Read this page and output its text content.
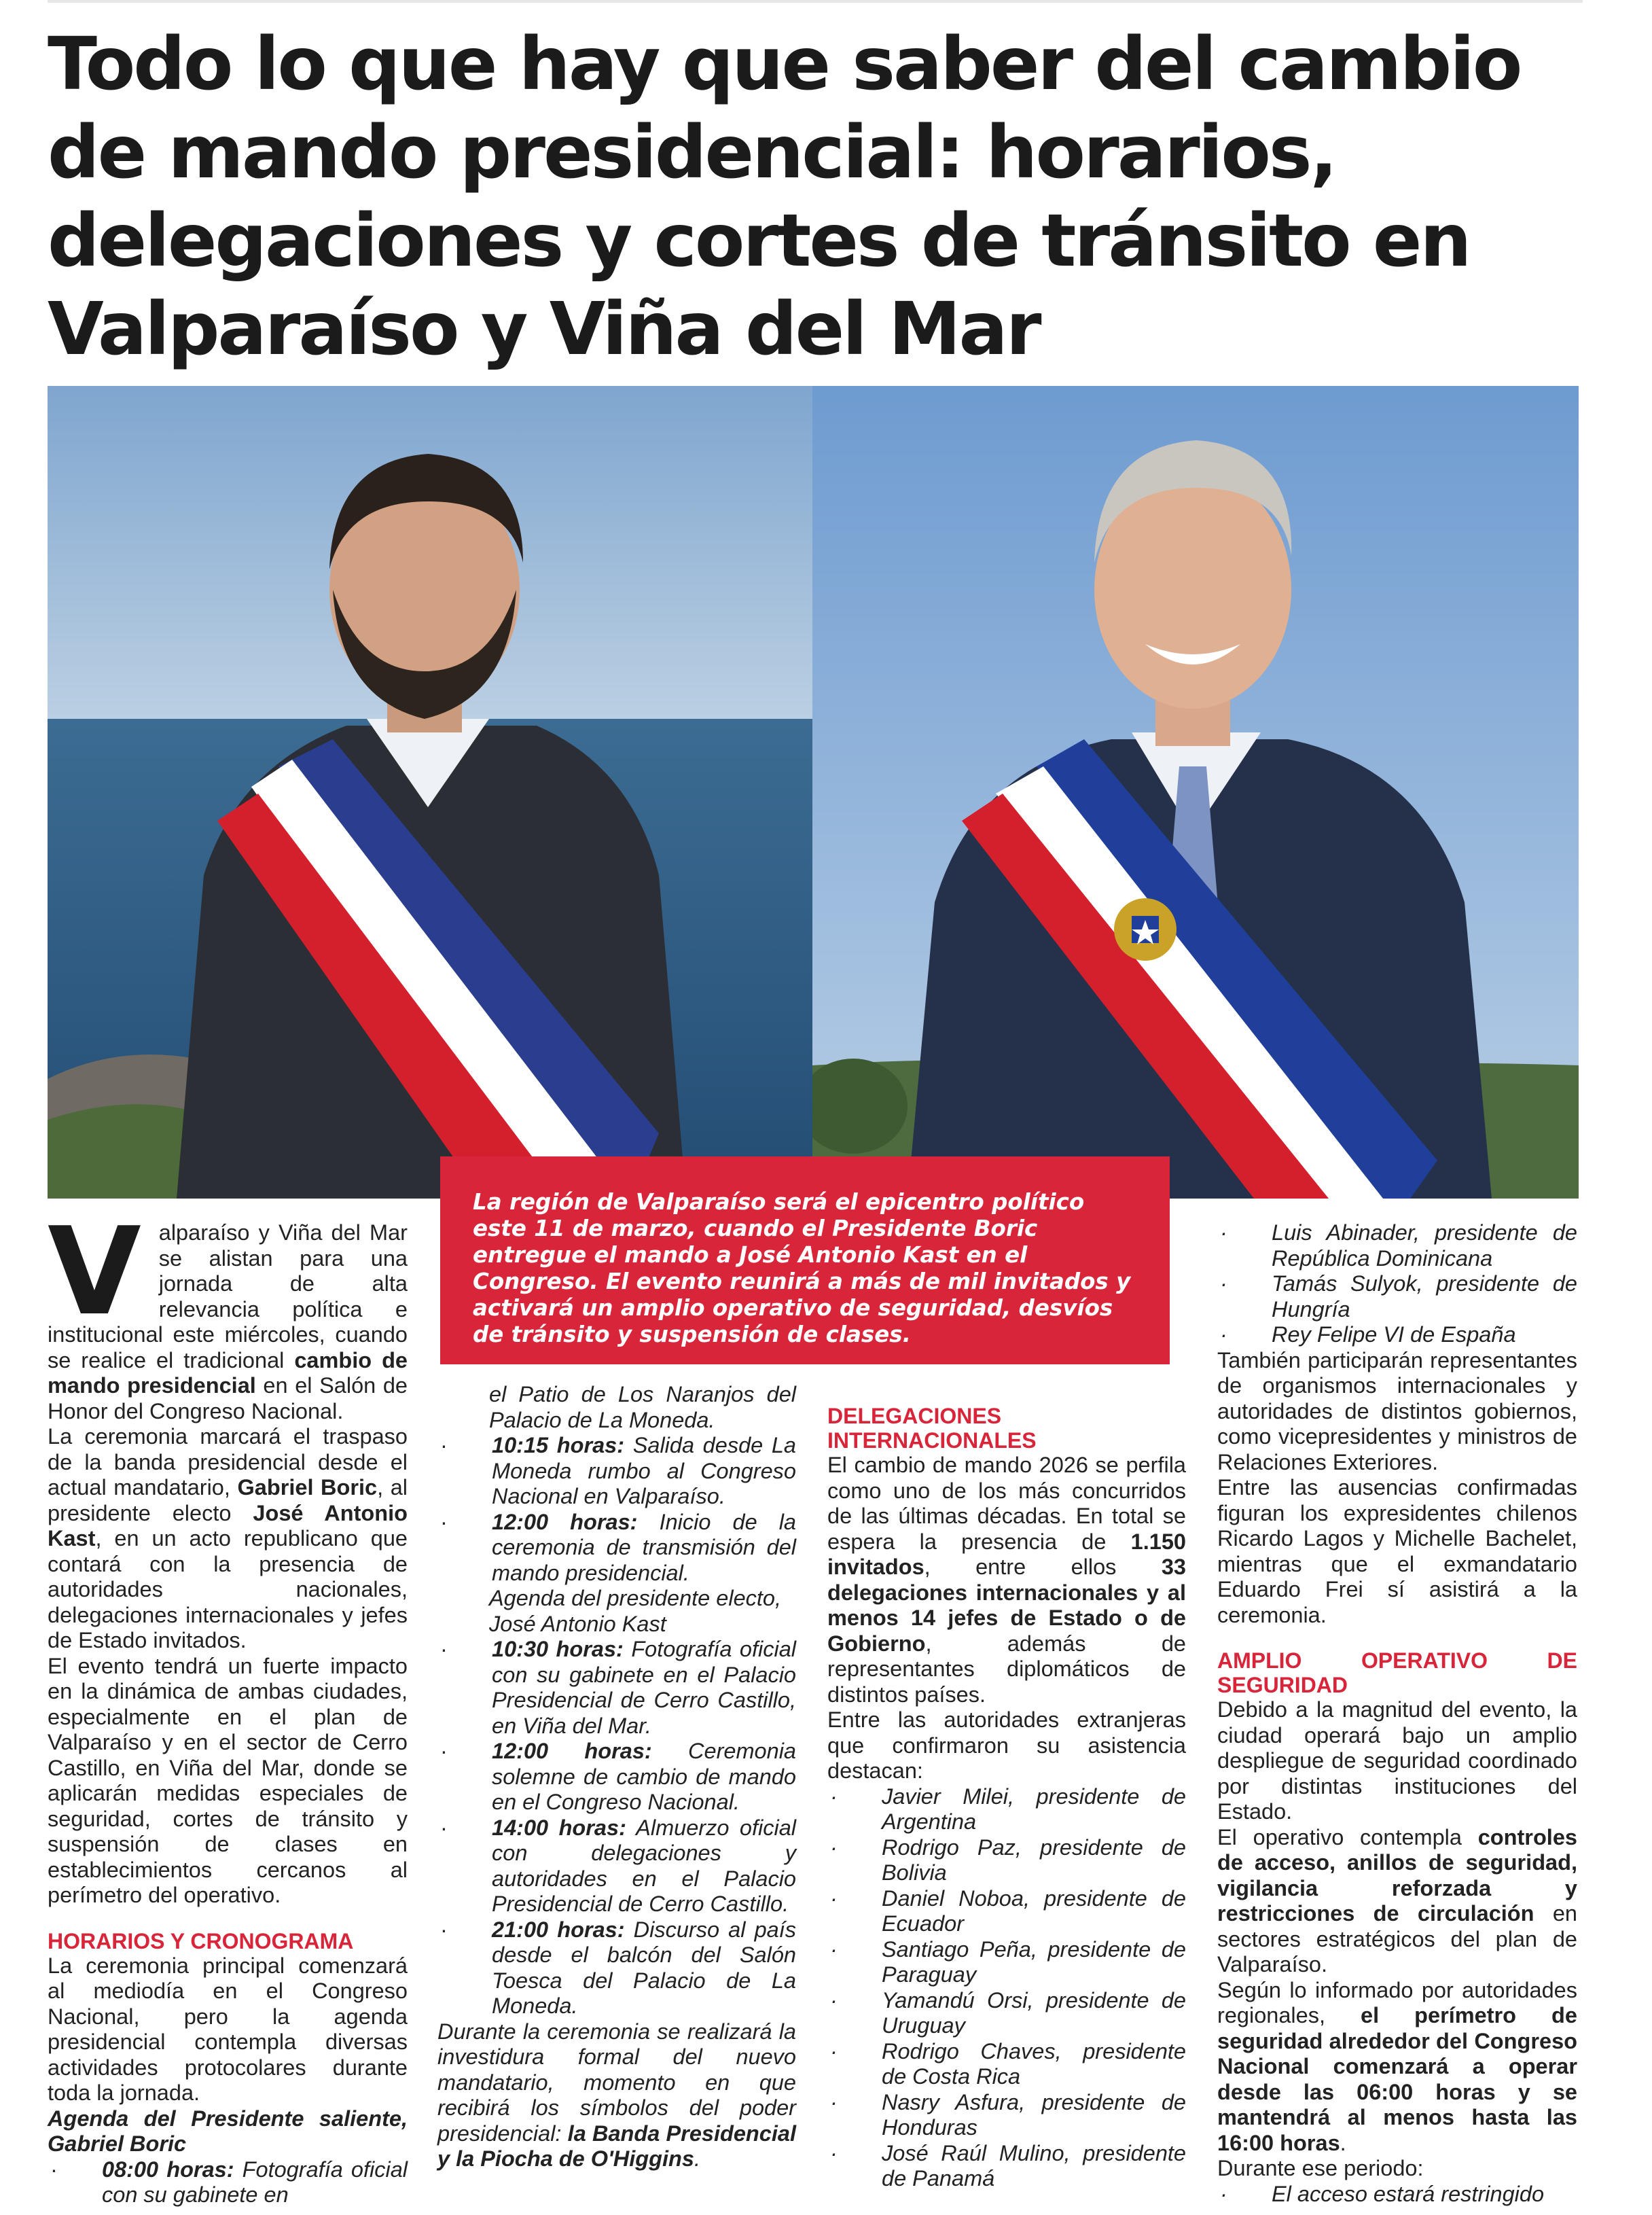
Todo lo que hay que saber del cambio de mando presidencial: horarios, delegaciones y cortes de tránsito en Valparaíso y Viña del Mar
La región de Valparaíso será el epicentro político este 11 de marzo, cuando el Presidente Boric entregue el mando a José Antonio Kast en el Congreso. El evento reunirá a más de mil invitados y activará un amplio operativo de seguridad, desvíos de tránsito y suspensión de clases.

Valparaíso y Viña del Mar se alistan para una jornada de alta relevancia política e institucional este miércoles, cuando se realice el tradicional cambio de mando presidencial en el Salón de Honor del Congreso Nacional.

La ceremonia marcará el traspaso de la banda presidencial desde el actual mandatario, Gabriel Boric, al presidente electo José Antonio Kast, en un acto republicano que contará con la presencia de autoridades nacionales, delegaciones internacionales y jefes de Estado invitados.

El evento tendrá un fuerte impacto en la dinámica de ambas ciudades, especialmente en el plan de Valparaíso y en el sector de Cerro Castillo, en Viña del Mar, donde se aplicarán medidas especiales de seguridad, cortes de tránsito y suspensión de clases en establecimientos cercanos al perímetro del operativo.

HORARIOS Y CRONOGRAMA

La ceremonia principal comenzará al mediodía en el Congreso Nacional, pero la agenda presidencial contempla diversas actividades protocolares durante toda la jornada.

Agenda del Presidente saliente, Gabriel Boric

·	08:00 horas: Fotografía oficial con su gabinete en

el Patio de Los Naranjos del Palacio de La Moneda.

·	10:15 horas: Salida desde La Moneda rumbo al Congreso Nacional en Valparaíso.
·	12:00 horas: Inicio de la ceremonia de transmisión del mando presidencial.

Agenda del presidente electo, José Antonio Kast

·	10:30 horas: Fotografía oficial con su gabinete en el Palacio Presidencial de Cerro Castillo, en Viña del Mar.
·	12:00 horas: Ceremonia solemne de cambio de mando en el Congreso Nacional.
·	14:00 horas: Almuerzo oficial con delegaciones y autoridades en el Palacio Presidencial de Cerro Castillo.
·	21:00 horas: Discurso al país desde el balcón del Salón Toesca del Palacio de La Moneda.

Durante la ceremonia se realizará la investidura formal del nuevo mandatario, momento en que recibirá los símbolos del poder presidencial: la Banda Presidencial y la Piocha de O'Higgins.

DELEGACIONES INTERNACIONALES

El cambio de mando 2026 se perfila como uno de los más concurridos de las últimas décadas. En total se espera la presencia de 1.150 invitados, entre ellos 33 delegaciones internacionales y al menos 14 jefes de Estado o de Gobierno, además de representantes diplomáticos de distintos países.

Entre las autoridades extranjeras que confirmaron su asistencia destacan:

·	Javier Milei, presidente de Argentina
·	Rodrigo Paz, presidente de Bolivia
·	Daniel Noboa, presidente de Ecuador
·	Santiago Peña, presidente de Paraguay
·	Yamandú Orsi, presidente de Uruguay
·	Rodrigo Chaves, presidente de Costa Rica
·	Nasry Asfura, presidente de Honduras
·	José Raúl Mulino, presidente de Panamá
·	Luis Abinader, presidente de República Dominicana
·	Tamás Sulyok, presidente de Hungría
·	Rey Felipe VI de España

También participarán representantes de organismos internacionales y autoridades de distintos gobiernos, como vicepresidentes y ministros de Relaciones Exteriores.

Entre las ausencias confirmadas figuran los expresidentes chilenos Ricardo Lagos y Michelle Bachelet, mientras que el exmandatario Eduardo Frei sí asistirá a la ceremonia.

AMPLIO OPERATIVO DE SEGURIDAD

Debido a la magnitud del evento, la ciudad operará bajo un amplio despliegue de seguridad coordinado por distintas instituciones del Estado.

El operativo contempla controles de acceso, anillos de seguridad, vigilancia reforzada y restricciones de circulación en sectores estratégicos del plan de Valparaíso.

Según lo informado por autoridades regionales, el perímetro de seguridad alrededor del Congreso Nacional comenzará a operar desde las 06:00 horas y se mantendrá al menos hasta las 16:00 horas.

Durante ese periodo:

·	El acceso estará restringido
